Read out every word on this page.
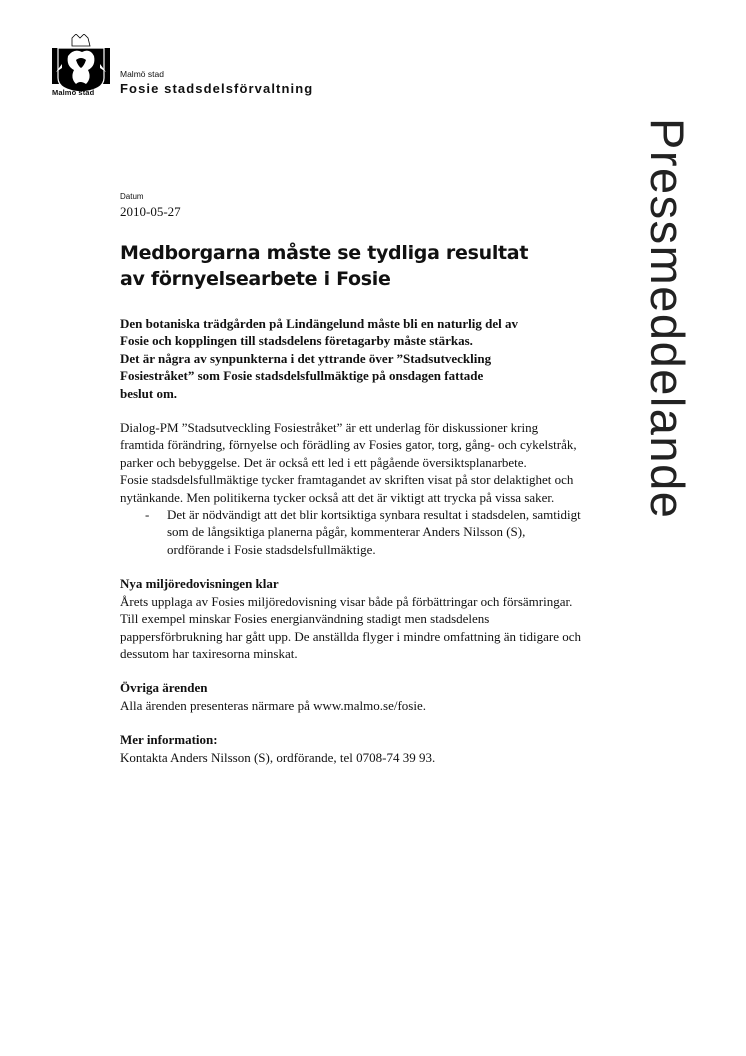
Malmö stad
Malmö stad
Fosie stadsdelsförvaltning
Pressmeddelande
Datum
2010-05-27
Medborgarna måste se tydliga resultat
av förnyelsearbete i Fosie

Den botaniska trädgården på Lindängelund måste bli en naturlig del av
Fosie och kopplingen till stadsdelens företagarby måste stärkas.
Det är några av synpunkterna i det yttrande över ”Stadsutveckling
Fosiestråket” som Fosie stadsdelsfullmäktige på onsdagen fattade
beslut om.

Dialog-PM ”Stadsutveckling Fosiestråket” är ett underlag för diskussioner kring framtida förändring, förnyelse och förädling av Fosies gator, torg, gång- och cykelstråk, parker och bebyggelse. Det är också ett led i ett pågående översiktsplanarbete.

Fosie stadsdelsfullmäktige tycker framtagandet av skriften visat på stor delaktighet och nytänkande. Men politikerna tycker också att det är viktigt att trycka på vissa saker.

-	Det är nödvändigt att det blir kortsiktiga synbara resultat i stadsdelen, samtidigt som de långsiktiga planerna pågår, kommenterar Anders Nilsson (S), ordförande i Fosie stadsdelsfullmäktige.
Nya miljöredovisningen klar

Årets upplaga av Fosies miljöredovisning visar både på förbättringar och försämringar. Till exempel minskar Fosies energianvändning stadigt men stadsdelens pappersförbrukning har gått upp. De anställda flyger i mindre omfattning än tidigare och dessutom har taxiresorna minskat.

Övriga ärenden

Alla ärenden presenteras närmare på www.malmo.se/fosie.

Mer information:

Kontakta Anders Nilsson (S), ordförande, tel 0708-74 39 93.
